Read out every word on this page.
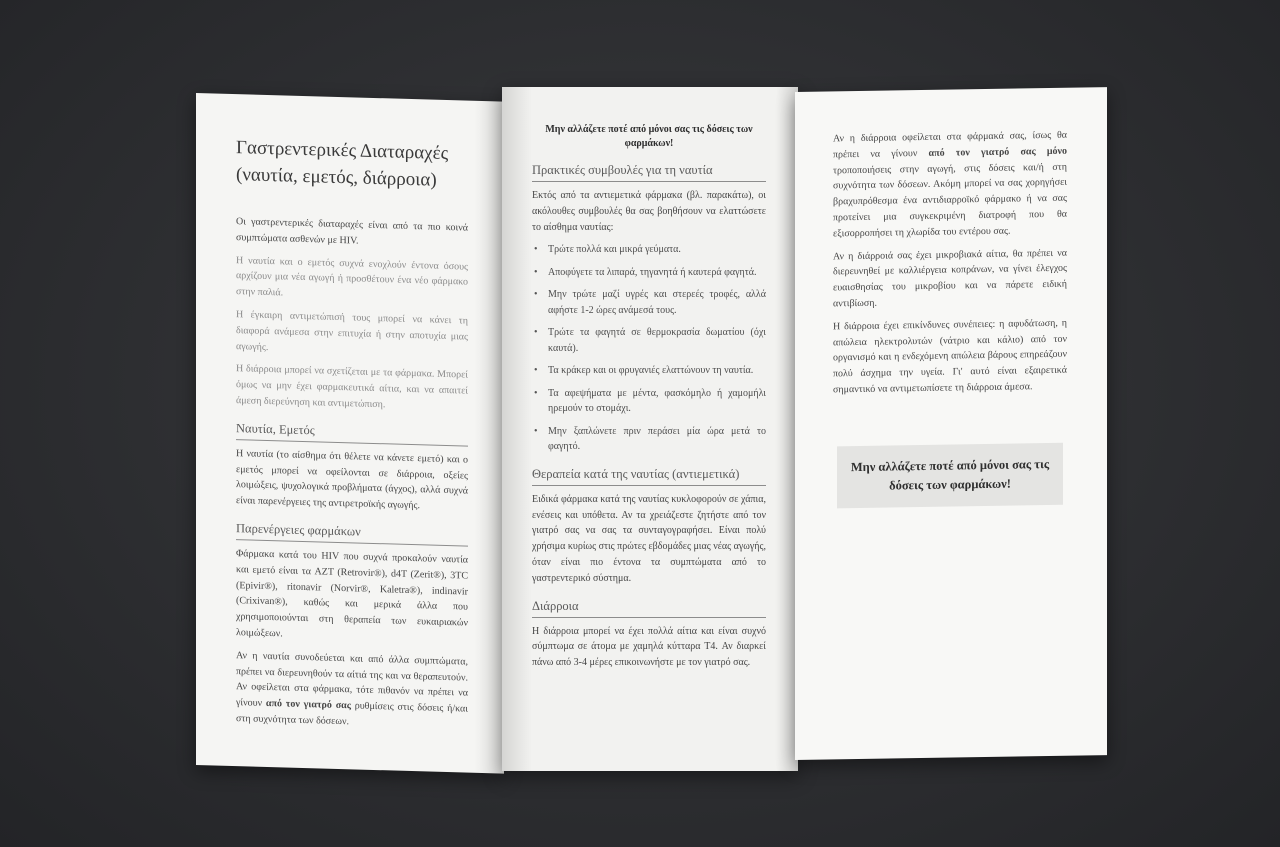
Γαστρεντερικές Διαταραχές
(ναυτία, εμετός, διάρροια)

Οι γαστρεντερικές διαταραχές είναι από τα πιο κοινά συμπτώματα ασθενών με HIV.

Η ναυτία και ο εμετός συχνά ενοχλούν έντονα όσους αρχίζουν μια νέα αγωγή ή προσθέτουν ένα νέο φάρμακο στην παλιά.

Η έγκαιρη αντιμετώπισή τους μπορεί να κάνει τη διαφορά ανάμεσα στην επιτυχία ή στην αποτυχία μιας αγωγής.

Η διάρροια μπορεί να σχετίζεται με τα φάρμακα. Μπορεί όμως να μην έχει φαρμακευτικά αίτια, και να απαιτεί άμεση διερεύνηση και αντιμετώπιση.

Ναυτία, Εμετός

Η ναυτία (το αίσθημα ότι θέλετε να κάνετε εμετό) και ο εμετός μπορεί να οφείλονται σε διάρροια, οξείες λοιμώξεις, ψυχολογικά προβλήματα (άγχος), αλλά συχνά είναι παρενέργειες της αντιρετροϊκής αγωγής.

Παρενέργειες φαρμάκων

Φάρμακα κατά του HIV που συχνά προκαλούν ναυτία και εμετό είναι τα AZT (Retrovir®), d4T (Zerit®), 3TC (Epivir®), ritonavir (Norvir®, Kaletra®), indinavir (Crixivan®), καθώς και μερικά άλλα που χρησιμοποιούνται στη θεραπεία των ευκαιριακών λοιμώξεων.

Αν η ναυτία συνοδεύεται και από άλλα συμπτώματα, πρέπει να διερευνηθούν τα αίτιά της και να θεραπευτούν. Αν οφείλεται στα φάρμακα, τότε πιθανόν να πρέπει να γίνουν από τον γιατρό σας ρυθμίσεις στις δόσεις ή/και στη συχνότητα των δόσεων.

Μην αλλάζετε ποτέ από μόνοι σας τις δόσεις των φαρμάκων!

Πρακτικές συμβουλές για τη ναυτία

Εκτός από τα αντιεμετικά φάρμακα (βλ. παρακάτω), οι ακόλουθες συμβουλές θα σας βοηθήσουν να ελαττώσετε το αίσθημα ναυτίας:

• Τρώτε πολλά και μικρά γεύματα.
• Αποφύγετε τα λιπαρά, τηγανητά ή καυτερά φαγητά.
• Μην τρώτε μαζί υγρές και στερεές τροφές, αλλά αφήστε 1-2 ώρες ανάμεσά τους.
• Τρώτε τα φαγητά σε θερμοκρασία δωματίου (όχι καυτά).
• Τα κράκερ και οι φρυγανιές ελαττώνουν τη ναυτία.
• Τα αφεψήματα με μέντα, φασκόμηλο ή χαμομήλι ηρεμούν το στομάχι.
• Μην ξαπλώνετε πριν περάσει μία ώρα μετά το φαγητό.
Θεραπεία κατά της ναυτίας (αντιεμετικά)

Ειδικά φάρμακα κατά της ναυτίας κυκλοφορούν σε χάπια, ενέσεις και υπόθετα. Αν τα χρειάζεστε ζητήστε από τον γιατρό σας να σας τα συνταγογραφήσει. Είναι πολύ χρήσιμα κυρίως στις πρώτες εβδομάδες μιας νέας αγωγής, όταν είναι πιο έντονα τα συμπτώματα από το γαστρεντερικό σύστημα.

Διάρροια

Η διάρροια μπορεί να έχει πολλά αίτια και είναι συχνό σύμπτωμα σε άτομα με χαμηλά κύτταρα T4. Αν διαρκεί πάνω από 3-4 μέρες επικοινωνήστε με τον γιατρό σας.

Αν η διάρροια οφείλεται στα φάρμακά σας, ίσως θα πρέπει να γίνουν από τον γιατρό σας μόνο τροποποιήσεις στην αγωγή, στις δόσεις και/ή στη συχνότητα των δόσεων. Ακόμη μπορεί να σας χορηγήσει βραχυπρόθεσμα ένα αντιδιαρροϊκό φάρμακο ή να σας προτείνει μια συγκεκριμένη διατροφή που θα εξισορροπήσει τη χλωρίδα του εντέρου σας.

Αν η διάρροιά σας έχει μικροβιακά αίτια, θα πρέπει να διερευνηθεί με καλλιέργεια κοπράνων, να γίνει έλεγχος ευαισθησίας του μικροβίου και να πάρετε ειδική αντιβίωση.

Η διάρροια έχει επικίνδυνες συνέπειες: η αφυδάτωση, η απώλεια ηλεκτρολυτών (νάτριο και κάλιο) από τον οργανισμό και η ενδεχόμενη απώλεια βάρους επηρεάζουν πολύ άσχημα την υγεία. Γι' αυτό είναι εξαιρετικά σημαντικό να αντιμετωπίσετε τη διάρροια άμεσα.

Μην αλλάζετε ποτέ από μόνοι σας τις δόσεις των φαρμάκων!
